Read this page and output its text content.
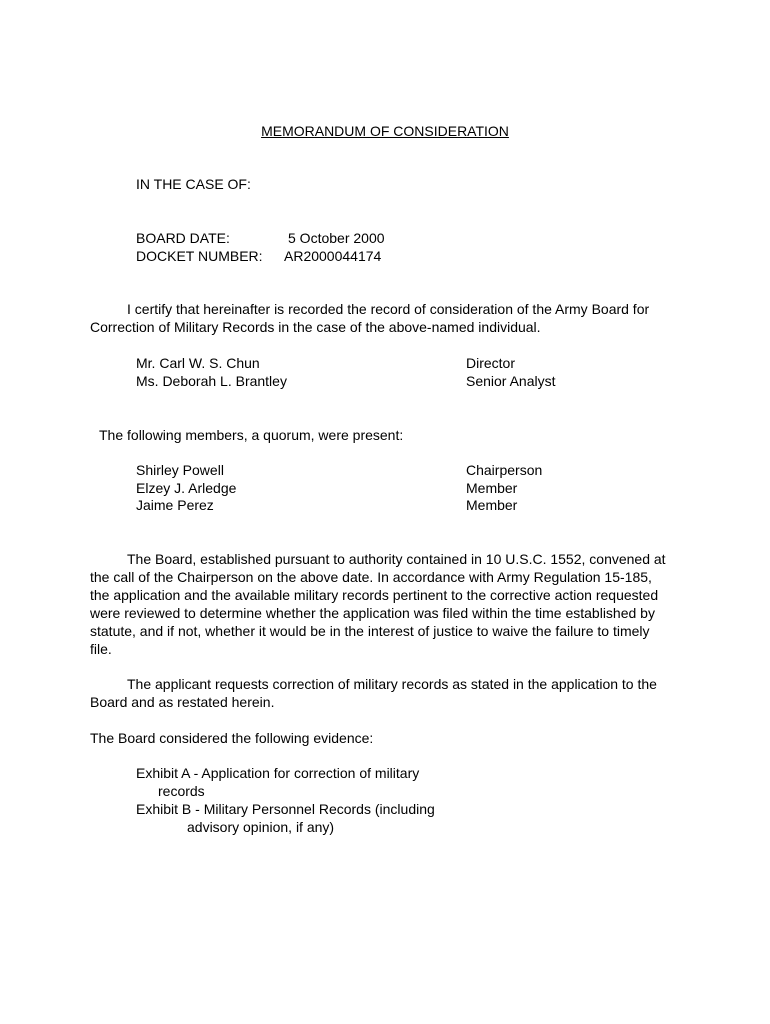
MEMORANDUM OF CONSIDERATION
IN THE CASE OF:
BOARD DATE:	5 October 2000
DOCKET NUMBER: AR2000044174
I certify that hereinafter is recorded the record of consideration of the Army Board for Correction of Military Records in the case of the above-named individual.
Mr. Carl W. S. Chun	Director
Ms. Deborah L. Brantley	Senior Analyst
The following members, a quorum, were present:
Shirley Powell	Chairperson
Elzey J. Arledge	Member
Jaime Perez	Member
The Board, established pursuant to authority contained in 10 U.S.C. 1552, convened at the call of the Chairperson on the above date. In accordance with Army Regulation 15-185, the application and the available military records pertinent to the corrective action requested were reviewed to determine whether the application was filed within the time established by statute, and if not, whether it would be in the interest of justice to waive the failure to timely file.
The applicant requests correction of military records as stated in the application to the Board and as restated herein.
The Board considered the following evidence:
Exhibit A - Application for correction of military
records
Exhibit B - Military Personnel Records (including
advisory opinion, if any)
